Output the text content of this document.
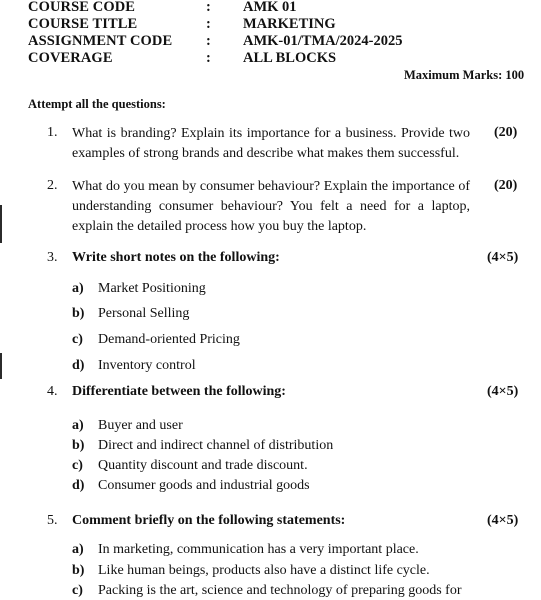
COURSE CODE	: AMK 01
COURSE TITLE	: MARKETING
ASSIGNMENT CODE : AMK-01/TMA/2024-2025
COVERAGE	: ALL BLOCKS
Maximum Marks: 100
Attempt all the questions:
1. What is branding? Explain its importance for a business. Provide two examples of strong brands and describe what makes them successful.
(20)
2. What do you mean by consumer behaviour? Explain the importance of understanding consumer behaviour? You felt a need for a laptop, explain the detailed process how you buy the laptop.
(20)
3. Write short notes on the following:	(4×5)
a) Market Positioning
b) Personal Selling
c) Demand-oriented Pricing
d) Inventory control
4. Differentiate between the following:	(4×5)
a) Buyer and user
b) Direct and indirect channel of distribution
c) Quantity discount and trade discount.
d) Consumer goods and industrial goods
5. Comment briefly on the following statements:	(4×5)
a) In marketing, communication has a very important place.
b) Like human beings, products also have a distinct life cycle.
c) Packing is the art, science and technology of preparing goods for
